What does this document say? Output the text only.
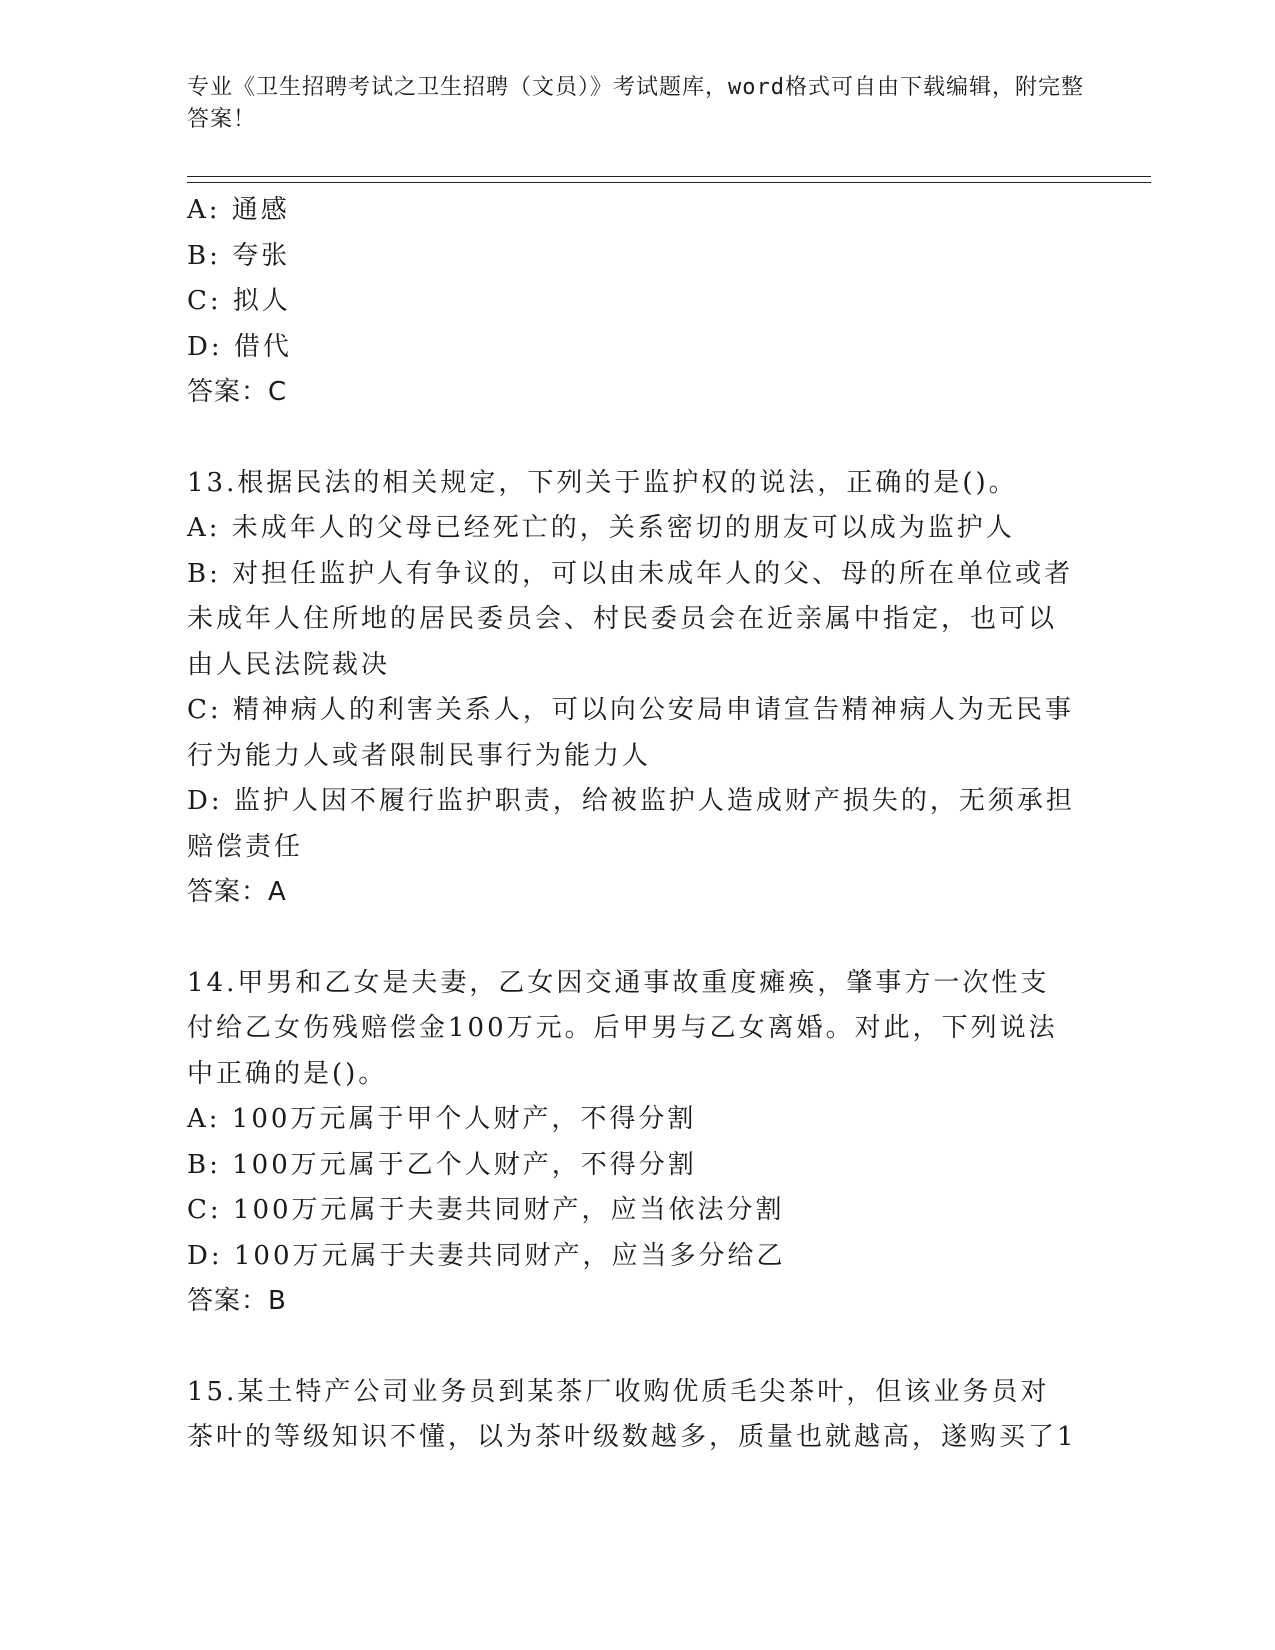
专业《卫生招聘考试之卫生招聘（文员）》考试题库，word格式可自由下载编辑，附完整答案！

A: 通感

B: 夸张

C: 拟人

D: 借代

答案：C

13.根据民法的相关规定，下列关于监护权的说法，正确的是()。

A: 未成年人的父母已经死亡的，关系密切的朋友可以成为监护人

B: 对担任监护人有争议的，可以由未成年人的父、母的所在单位或者未成年人住所地的居民委员会、村民委员会在近亲属中指定，也可以由人民法院裁决

C: 精神病人的利害关系人，可以向公安局申请宣告精神病人为无民事行为能力人或者限制民事行为能力人

D: 监护人因不履行监护职责，给被监护人造成财产损失的，无须承担赔偿责任

答案：A

14.甲男和乙女是夫妻，乙女因交通事故重度瘫痪，肇事方一次性支付给乙女伤残赔偿金100万元。后甲男与乙女离婚。对此，下列说法中正确的是()。

A: 100万元属于甲个人财产，不得分割

B: 100万元属于乙个人财产，不得分割

C: 100万元属于夫妻共同财产，应当依法分割

D: 100万元属于夫妻共同财产，应当多分给乙

答案：B

15.某土特产公司业务员到某茶厂收购优质毛尖茶叶，但该业务员对茶叶的等级知识不懂，以为茶叶级数越多，质量也就越高，遂购买了1
